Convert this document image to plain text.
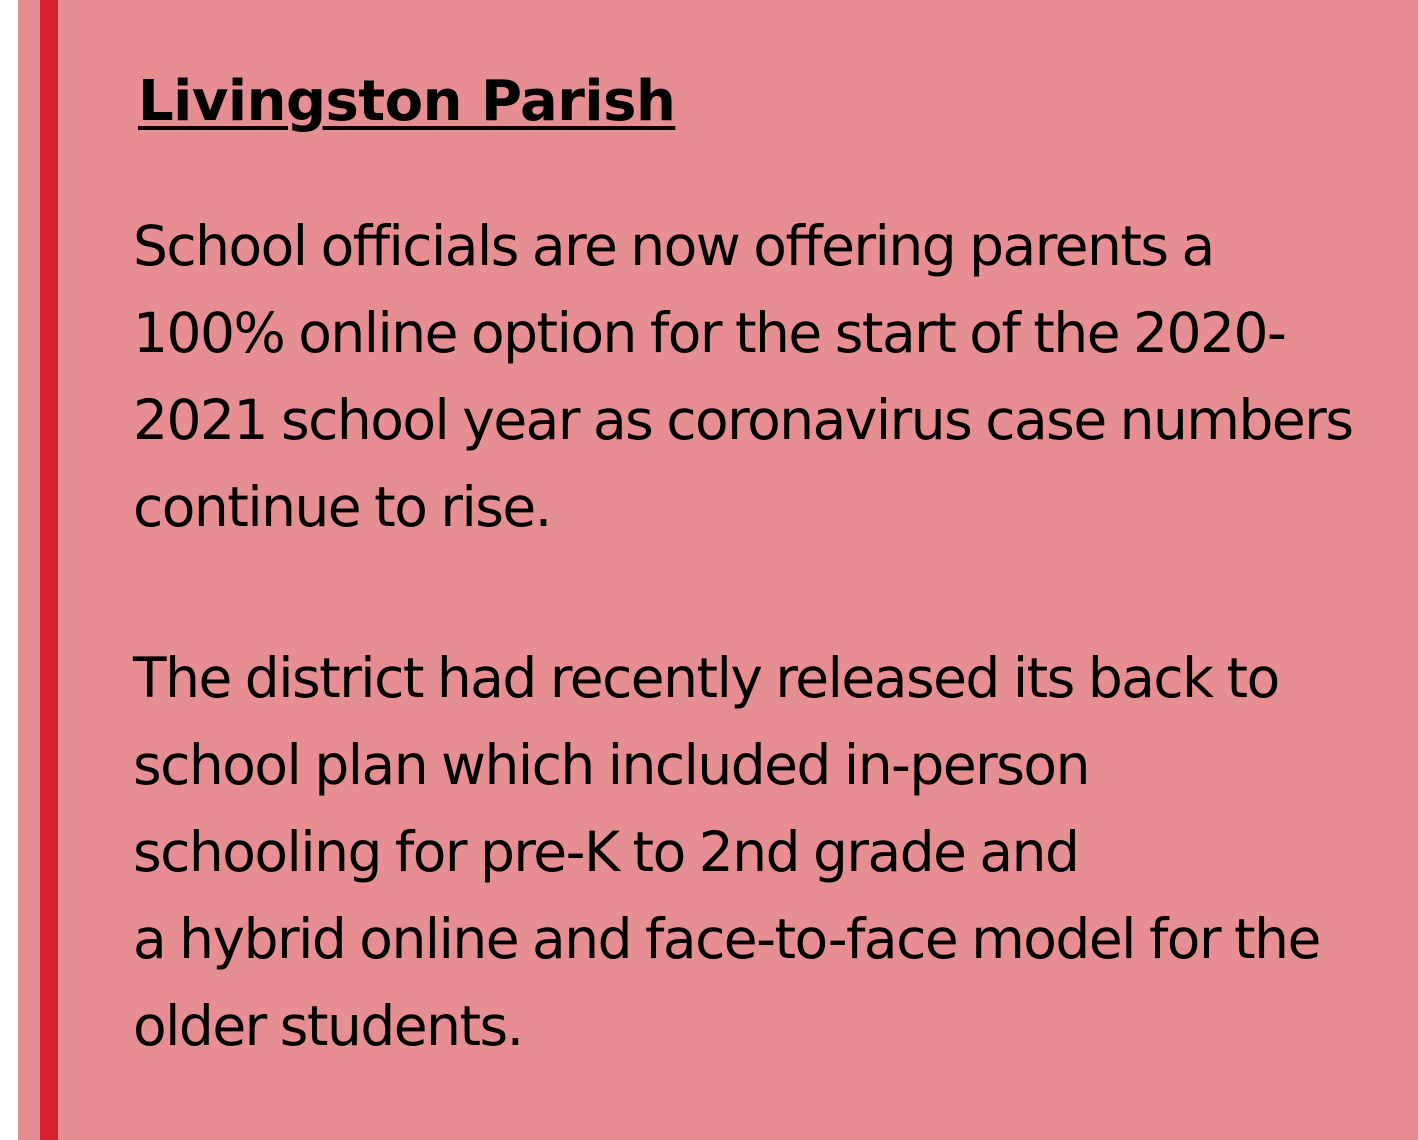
Livingston Parish

School officials are now offering parents a
100% online option for the start of the 2020-
2021 school year as coronavirus case numbers
continue to rise.

The district had recently released its back to
school plan which included in-person
schooling for pre-K to 2nd grade and
a hybrid online and face-to-face model for the
older students.
